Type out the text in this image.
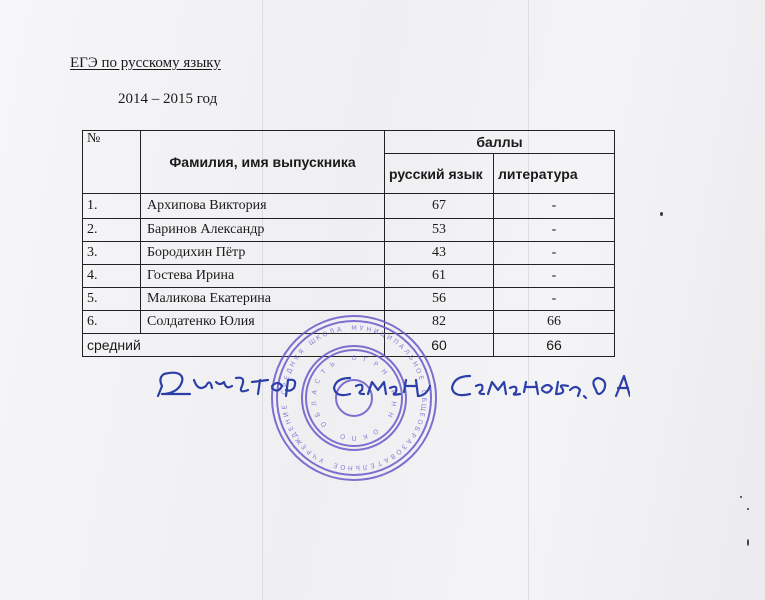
ЕГЭ по русскому языку
2014 – 2015 год
№	Фамилия, имя выпускника	баллы	
		русский язык	литература
1.	Архипова Виктория	67	-
2.	Баринов Александр	53	-
3.	Бородихин Пётр	43	-
4.	Гостева Ирина	61	-
5.	Маликова Екатерина	56	-
6.	Солдатенко Юлия	82	66
средний		60	66
М У Н И Ц
И
П
А
Л
Ь
Н
О
Е
О
Б
Щ
Е
О
Б
Р
А
З
О
В
А
Т
Е
Л
Ь
Н
О
Е
У
Ч
Р
Е
Ж
Д
Е
Н
И
Е
С
Р
Е
Д
Н
Я
Я
Ш
К
О Л А
О Г
Р
Н
И
Н
Н
О
К
П
О
О
Б
Л
А
С
Т
Ь
